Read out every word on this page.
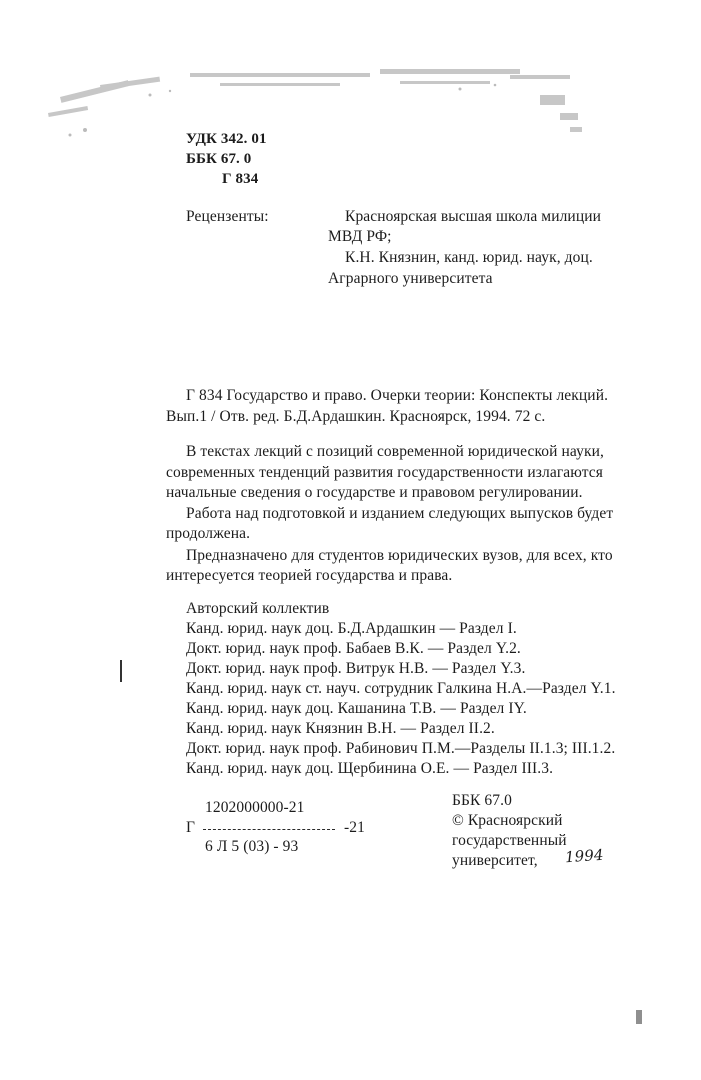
УДК 342. 01
ББК 67. 0
Г 834
Рецензенты:	Красноярская высшая школа милиции
МВД РФ;
К.Н. Князнин, канд. юрид. наук, доц.
Аграрного университета
Г 834 Государство и право. Очерки теории: Конспекты лекций.
Вып.1 / Отв. ред. Б.Д.Ардашкин. Красноярск, 1994. 72 с.
В текстах лекций с позиций современной юридической науки,
современных тенденций развития государственности излагаются
начальные сведения о государстве и правовом регулировании.
Работа над подготовкой и изданием следующих выпусков будет
продолжена.
Предназначено для студентов юридических вузов, для всех, кто
интересуется теорией государства и права.
Авторский коллектив
Канд. юрид. наук доц. Б.Д.Ардашкин — Раздел I.
Докт. юрид. наук проф. Бабаев В.К. — Раздел Y.2.
Докт. юрид. наук проф. Витрук Н.В. — Раздел Y.3.
Канд. юрид. наук ст. науч. сотрудник Галкина Н.А.—Раздел Y.1.
Канд. юрид. наук доц. Кашанина Т.В. — Раздел IY.
Канд. юрид. наук Князнин В.Н. — Раздел II.2.
Докт. юрид. наук проф. Рабинович П.М.—Разделы II.1.3; III.1.2.
Канд. юрид. наук доц. Щербинина О.Е. — Раздел III.3.
1202000000-21
Г	-21
6 Л 5 (03) - 93
ББК 67.0
© Красноярский
государственный
университет, 1994
